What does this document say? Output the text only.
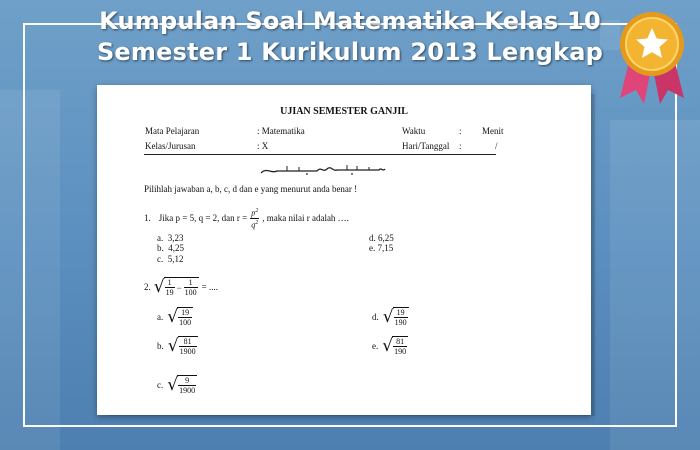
Kumpulan Soal Matematika Kelas 10
Semester 1 Kurikulum 2013 Lengkap
UJIAN SEMESTER GANJIL
Mata Pelajaran	: Matematika	Waktu	: Menit
Kelas/Jurusan	: X	Hari/Tanggal :	/
Pilihlah jawaban a, b, c, d dan e yang menurut anda benar !
1. Jika p = 5, q = 2, dan $r = \frac{p^2}{q^2}$ , maka nilai r adalah ….
a. 3,23
b. 4,25
c. 5,12
d. 6,25
e. 7,15
2. √ $\frac{1}{19} - \frac{1}{100}$ = ....
a. √ $\frac{19}{100}$
b. √ $\frac{81}{1900}$
c. √ $\frac{9}{1900}$
d. √ $\frac{19}{190}$
e. √ $\frac{81}{190}$
